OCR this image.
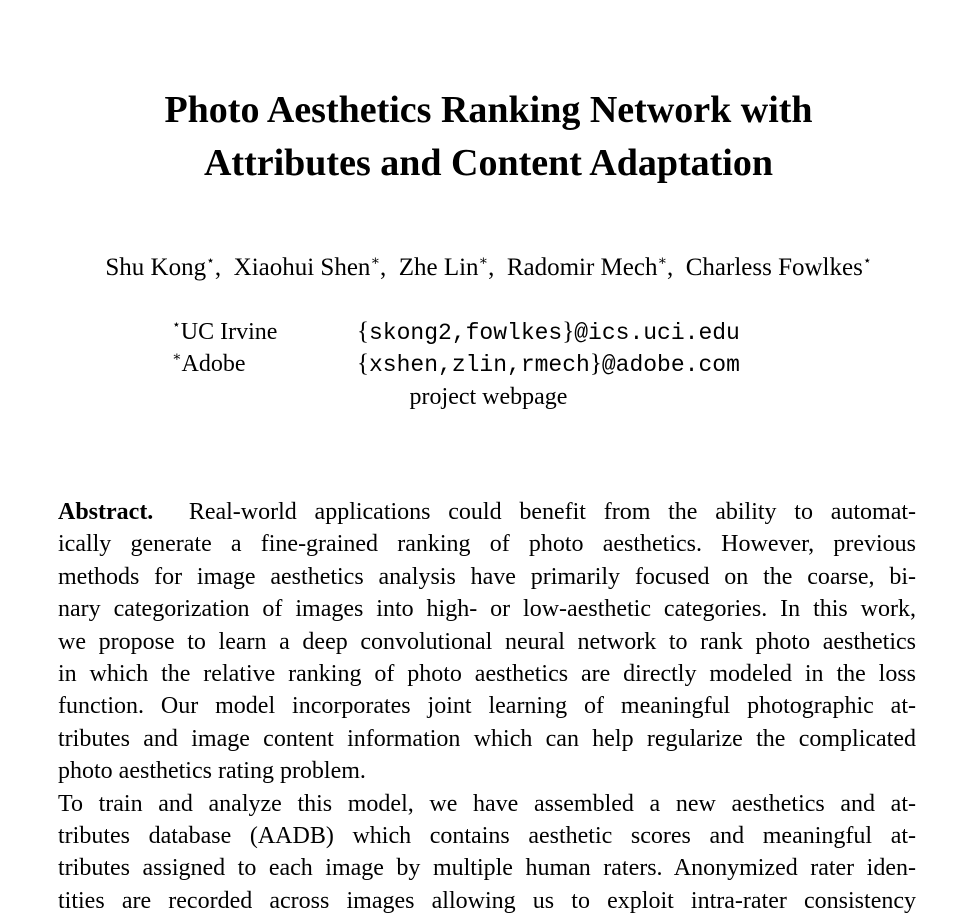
Photo Aesthetics Ranking Network with
Attributes and Content Adaptation
Shu Kong⋆,  Xiaohui Shen∗,  Zhe Lin∗,  Radomir Mech∗,  Charless Fowlkes⋆
⋆UC Irvine	{skong2,fowlkes}@ics.uci.edu
∗Adobe	{xshen,zlin,rmech}@adobe.com
project webpage
Abstract. Real-world applications could benefit from the ability to automat-
ically generate a fine-grained ranking of photo aesthetics. However, previous
methods for image aesthetics analysis have primarily focused on the coarse, bi-
nary categorization of images into high- or low-aesthetic categories. In this work,
we propose to learn a deep convolutional neural network to rank photo aesthetics
in which the relative ranking of photo aesthetics are directly modeled in the loss
function. Our model incorporates joint learning of meaningful photographic at-
tributes and image content information which can help regularize the complicated
photo aesthetics rating problem.
To train and analyze this model, we have assembled a new aesthetics and at-
tributes database (AADB) which contains aesthetic scores and meaningful at-
tributes assigned to each image by multiple human raters. Anonymized rater iden-
tities are recorded across images allowing us to exploit intra-rater consistency
